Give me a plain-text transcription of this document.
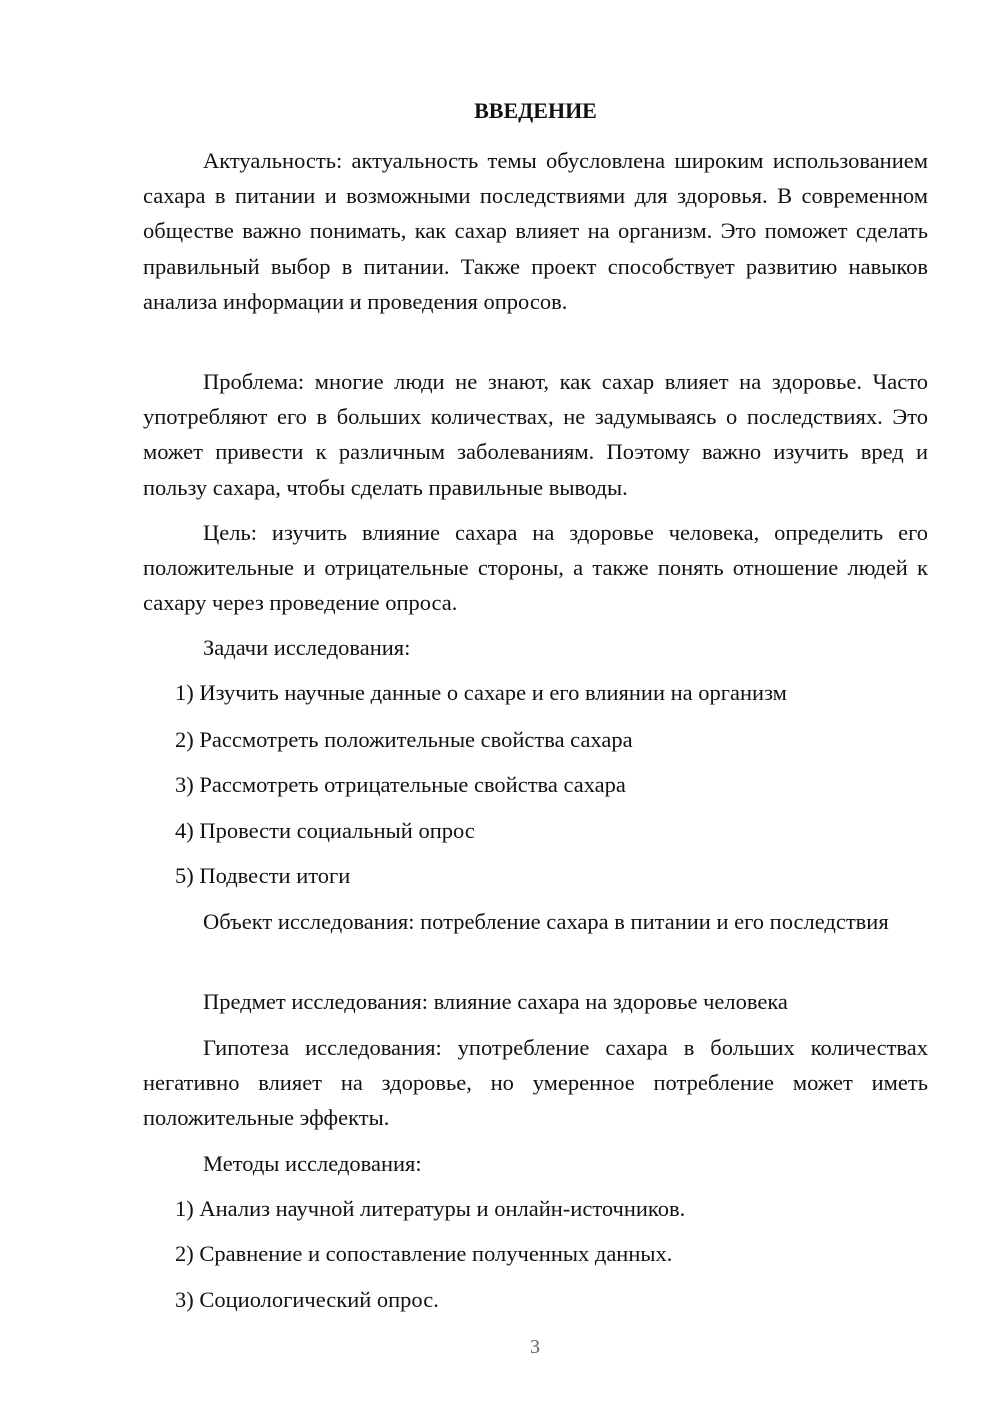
ВВЕДЕНИЕ

Актуальность: актуальность темы обусловлена широким использованием сахара в питании и возможными последствиями для здоровья. В современном обществе важно понимать, как сахар влияет на организм. Это поможет сделать правильный выбор в питании. Также проект способствует развитию навыков анализа информации и проведения опросов.

Проблема: многие люди не знают, как сахар влияет на здоровье. Часто употребляют его в больших количествах, не задумываясь о последствиях. Это может привести к различным заболеваниям. Поэтому важно изучить вред и пользу сахара, чтобы сделать правильные выводы.

Цель: изучить влияние сахара на здоровье человека, определить его положительные и отрицательные стороны, а также понять отношение людей к сахару через проведение опроса.

Задачи исследования:

1) Изучить научные данные о сахаре и его влиянии на организм

2) Рассмотреть положительные свойства сахара

3) Рассмотреть отрицательные свойства сахара

4) Провести социальный опрос

5) Подвести итоги

Объект исследования: потребление сахара в питании и его последствия

Предмет исследования: влияние сахара на здоровье человека

Гипотеза исследования: употребление сахара в больших количествах негативно влияет на здоровье, но умеренное потребление может иметь положительные эффекты.

Методы исследования:

1) Анализ научной литературы и онлайн-источников.

2) Сравнение и сопоставление полученных данных.

3) Социологический опрос.

3
